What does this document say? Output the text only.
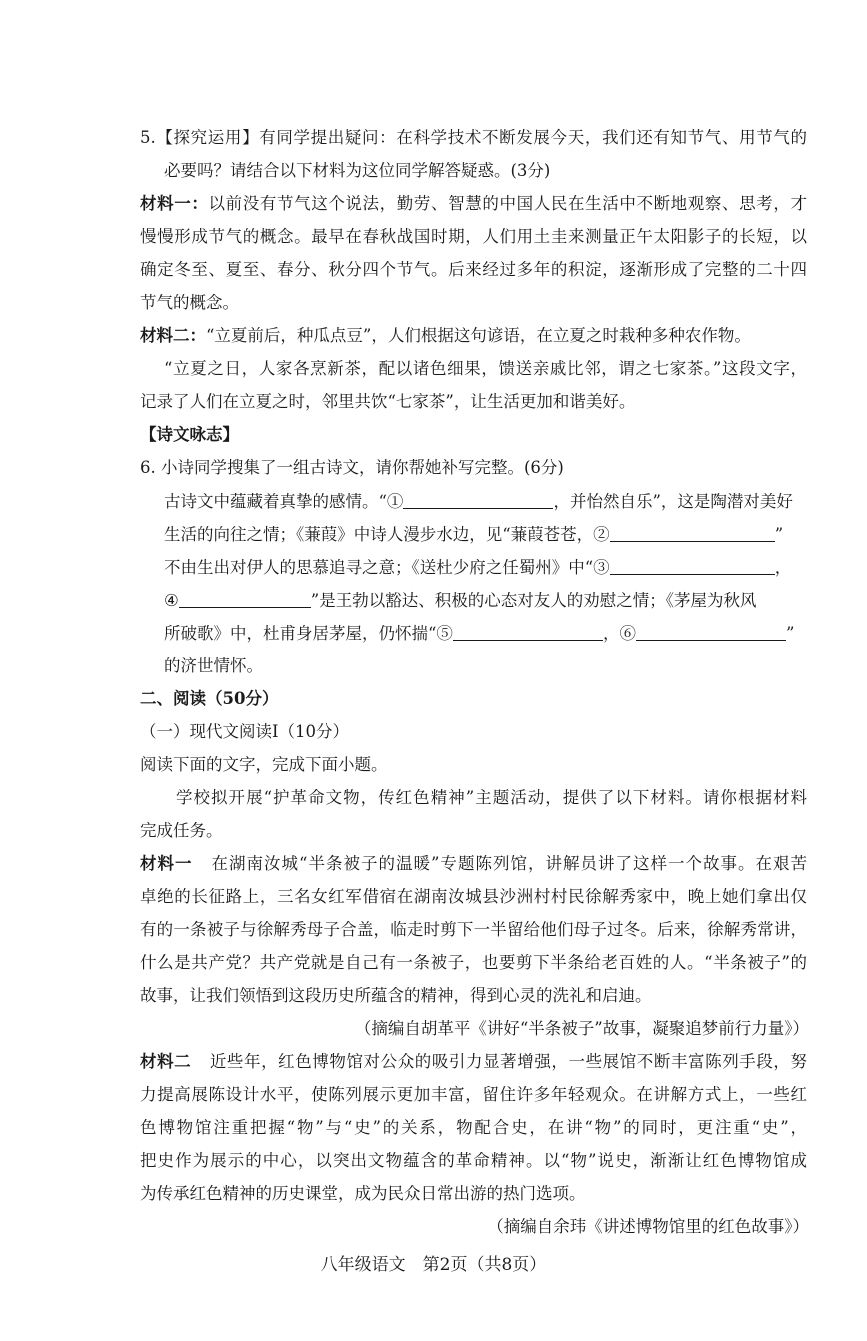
5.【探究运用】有同学提出疑问：在科学技术不断发展今天，我们还有知节气、用节气的
必要吗？请结合以下材料为这位同学解答疑惑。(3分)
材料一：以前没有节气这个说法，勤劳、智慧的中国人民在生活中不断地观察、思考，才
慢慢形成节气的概念。最早在春秋战国时期，人们用土圭来测量正午太阳影子的长短，以
确定冬至、夏至、春分、秋分四个节气。后来经过多年的积淀，逐渐形成了完整的二十四
节气的概念。
材料二：“立夏前后，种瓜点豆”，人们根据这句谚语，在立夏之时栽种多种农作物。
“立夏之日，人家各烹新茶，配以诸色细果，馈送亲戚比邻，谓之七家茶。”这段文字，
记录了人们在立夏之时，邻里共饮“七家茶”，让生活更加和谐美好。
【诗文咏志】
6. 小诗同学搜集了一组古诗文，请你帮她补写完整。(6分)
古诗文中蕴藏着真挚的感情。“①	，并怡然自乐”，这是陶潜对美好
生活的向往之情；《蒹葭》中诗人漫步水边，见“蒹葭苍苍，②	”
不由生出对伊人的思慕追寻之意；《送杜少府之任蜀州》中“③	，
④	”是王勃以豁达、积极的心态对友人的劝慰之情；《茅屋为秋风
所破歌》中，杜甫身居茅屋，仍怀揣“⑤	，⑥	”
的济世情怀。
二、阅读（50分）
（一）现代文阅读Ⅰ（10分）
阅读下面的文字，完成下面小题。
学校拟开展“护革命文物，传红色精神”主题活动，提供了以下材料。请你根据材料
完成任务。
材料一 在湖南汝城“半条被子的温暖”专题陈列馆，讲解员讲了这样一个故事。在艰苦
卓绝的长征路上，三名女红军借宿在湖南汝城县沙洲村村民徐解秀家中，晚上她们拿出仅
有的一条被子与徐解秀母子合盖，临走时剪下一半留给他们母子过冬。后来，徐解秀常讲，
什么是共产党？共产党就是自己有一条被子，也要剪下半条给老百姓的人。“半条被子”的
故事，让我们领悟到这段历史所蕴含的精神，得到心灵的洗礼和启迪。
（摘编自胡革平《讲好“半条被子”故事，凝聚追梦前行力量》）
材料二 近些年，红色博物馆对公众的吸引力显著增强，一些展馆不断丰富陈列手段，努
力提高展陈设计水平，使陈列展示更加丰富，留住许多年轻观众。在讲解方式上，一些红
色博物馆注重把握“物”与“史”的关系，物配合史，在讲“物”的同时，更注重“史”，
把史作为展示的中心，以突出文物蕴含的革命精神。以“物”说史，渐渐让红色博物馆成
为传承红色精神的历史课堂，成为民众日常出游的热门选项。
（摘编自余玮《讲述博物馆里的红色故事》）
八年级语文　第2页（共8页）
